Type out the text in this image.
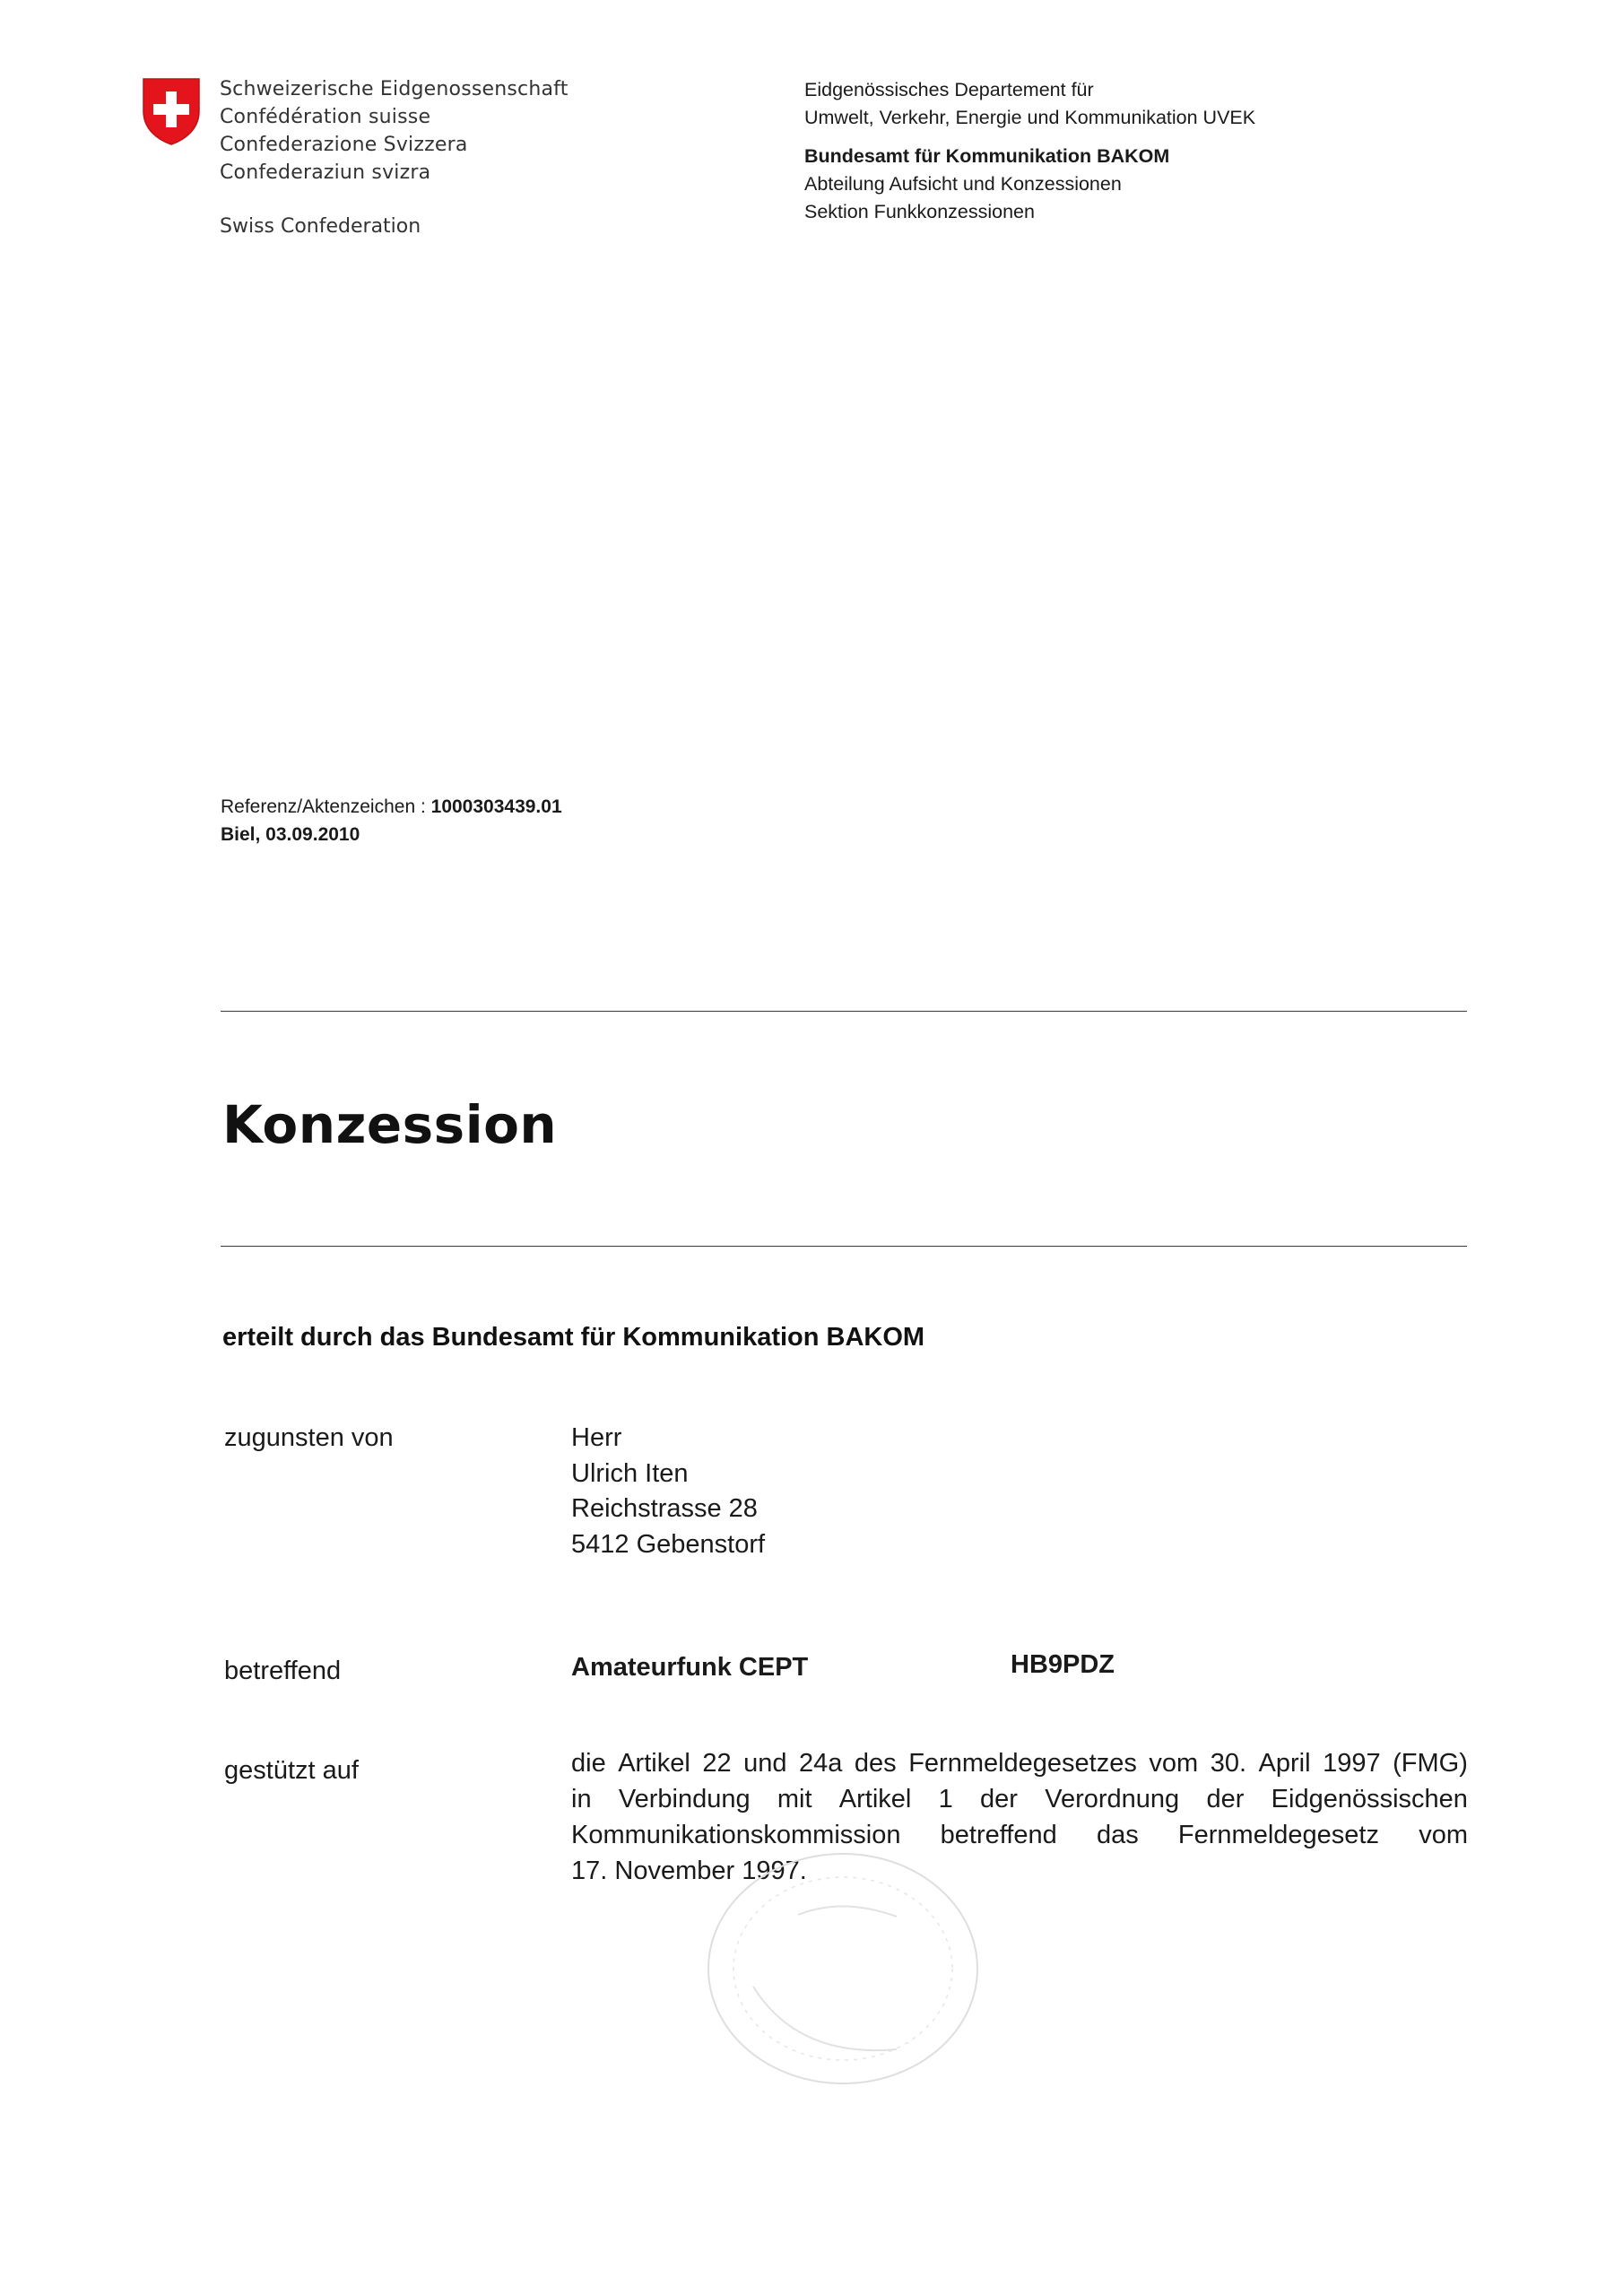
Schweizerische Eidgenossenschaft
Confédération suisse
Confederazione Svizzera
Confederaziun svizra
Swiss Confederation
Eidgenössisches Departement für
Umwelt, Verkehr, Energie und Kommunikation UVEK
Bundesamt für Kommunikation BAKOM
Abteilung Aufsicht und Konzessionen
Sektion Funkkonzessionen
Referenz/Aktenzeichen : 1000303439.01
Biel, 03.09.2010
Konzession
erteilt durch das Bundesamt für Kommunikation BAKOM
zugunsten von	Herr
Ulrich Iten
Reichstrasse 28
5412 Gebenstorf
betreffend	Amateurfunk CEPT	HB9PDZ
gestützt auf	die Artikel 22 und 24a des Fernmeldegesetzes vom 30. April 1997 (FMG)
in Verbindung mit Artikel 1 der Verordnung der Eidgenössischen
Kommunikationskommission betreffend das Fernmeldegesetz vom
17. November 1997.
